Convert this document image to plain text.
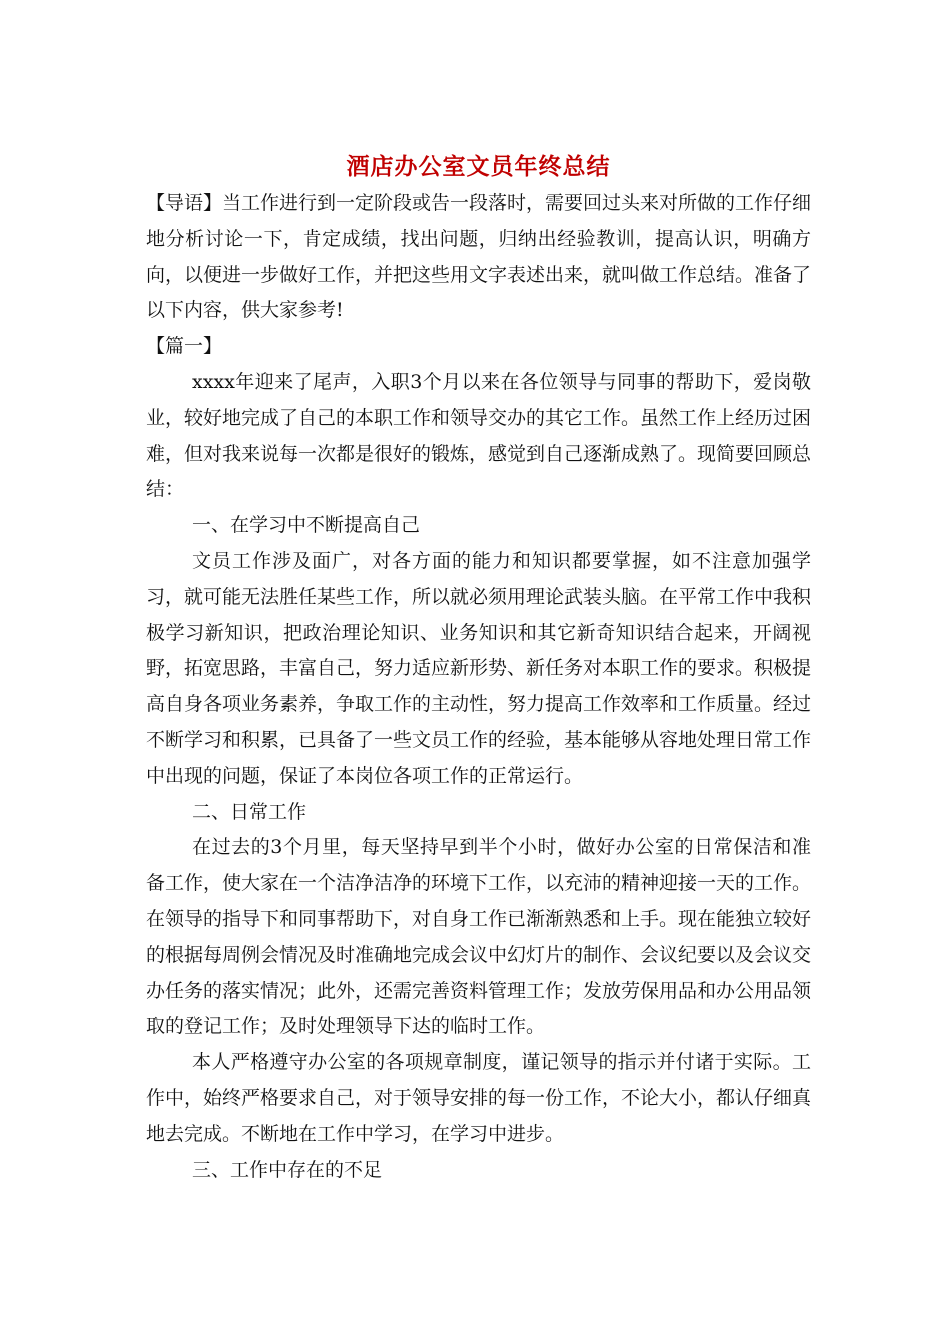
酒店办公室文员年终总结

【导语】当工作进行到一定阶段或告一段落时，需要回过头来对所做的工作仔细地分析讨论一下，肯定成绩，找出问题，归纳出经验教训，提高认识，明确方向，以便进一步做好工作，并把这些用文字表述出来，就叫做工作总结。准备了以下内容，供大家参考!

【篇一】

xxxx年迎来了尾声，入职3个月以来在各位领导与同事的帮助下，爱岗敬业，较好地完成了自己的本职工作和领导交办的其它工作。虽然工作上经历过困难，但对我来说每一次都是很好的锻炼，感觉到自己逐渐成熟了。现简要回顾总结：

一、在学习中不断提高自己

文员工作涉及面广，对各方面的能力和知识都要掌握，如不注意加强学习，就可能无法胜任某些工作，所以就必须用理论武装头脑。在平常工作中我积极学习新知识，把政治理论知识、业务知识和其它新奇知识结合起来，开阔视野，拓宽思路，丰富自己，努力适应新形势、新任务对本职工作的要求。积极提高自身各项业务素养，争取工作的主动性，努力提高工作效率和工作质量。经过不断学习和积累，已具备了一些文员工作的经验，基本能够从容地处理日常工作中出现的问题，保证了本岗位各项工作的正常运行。

二、日常工作

在过去的3个月里，每天坚持早到半个小时，做好办公室的日常保洁和准备工作，使大家在一个洁净洁净的环境下工作，以充沛的精神迎接一天的工作。在领导的指导下和同事帮助下，对自身工作已渐渐熟悉和上手。现在能独立较好的根据每周例会情况及时准确地完成会议中幻灯片的制作、会议纪要以及会议交办任务的落实情况；此外，还需完善资料管理工作；发放劳保用品和办公用品领取的登记工作；及时处理领导下达的临时工作。

本人严格遵守办公室的各项规章制度，谨记领导的指示并付诸于实际。工作中，始终严格要求自己，对于领导安排的每一份工作，不论大小，都认仔细真地去完成。不断地在工作中学习，在学习中进步。

三、工作中存在的不足
